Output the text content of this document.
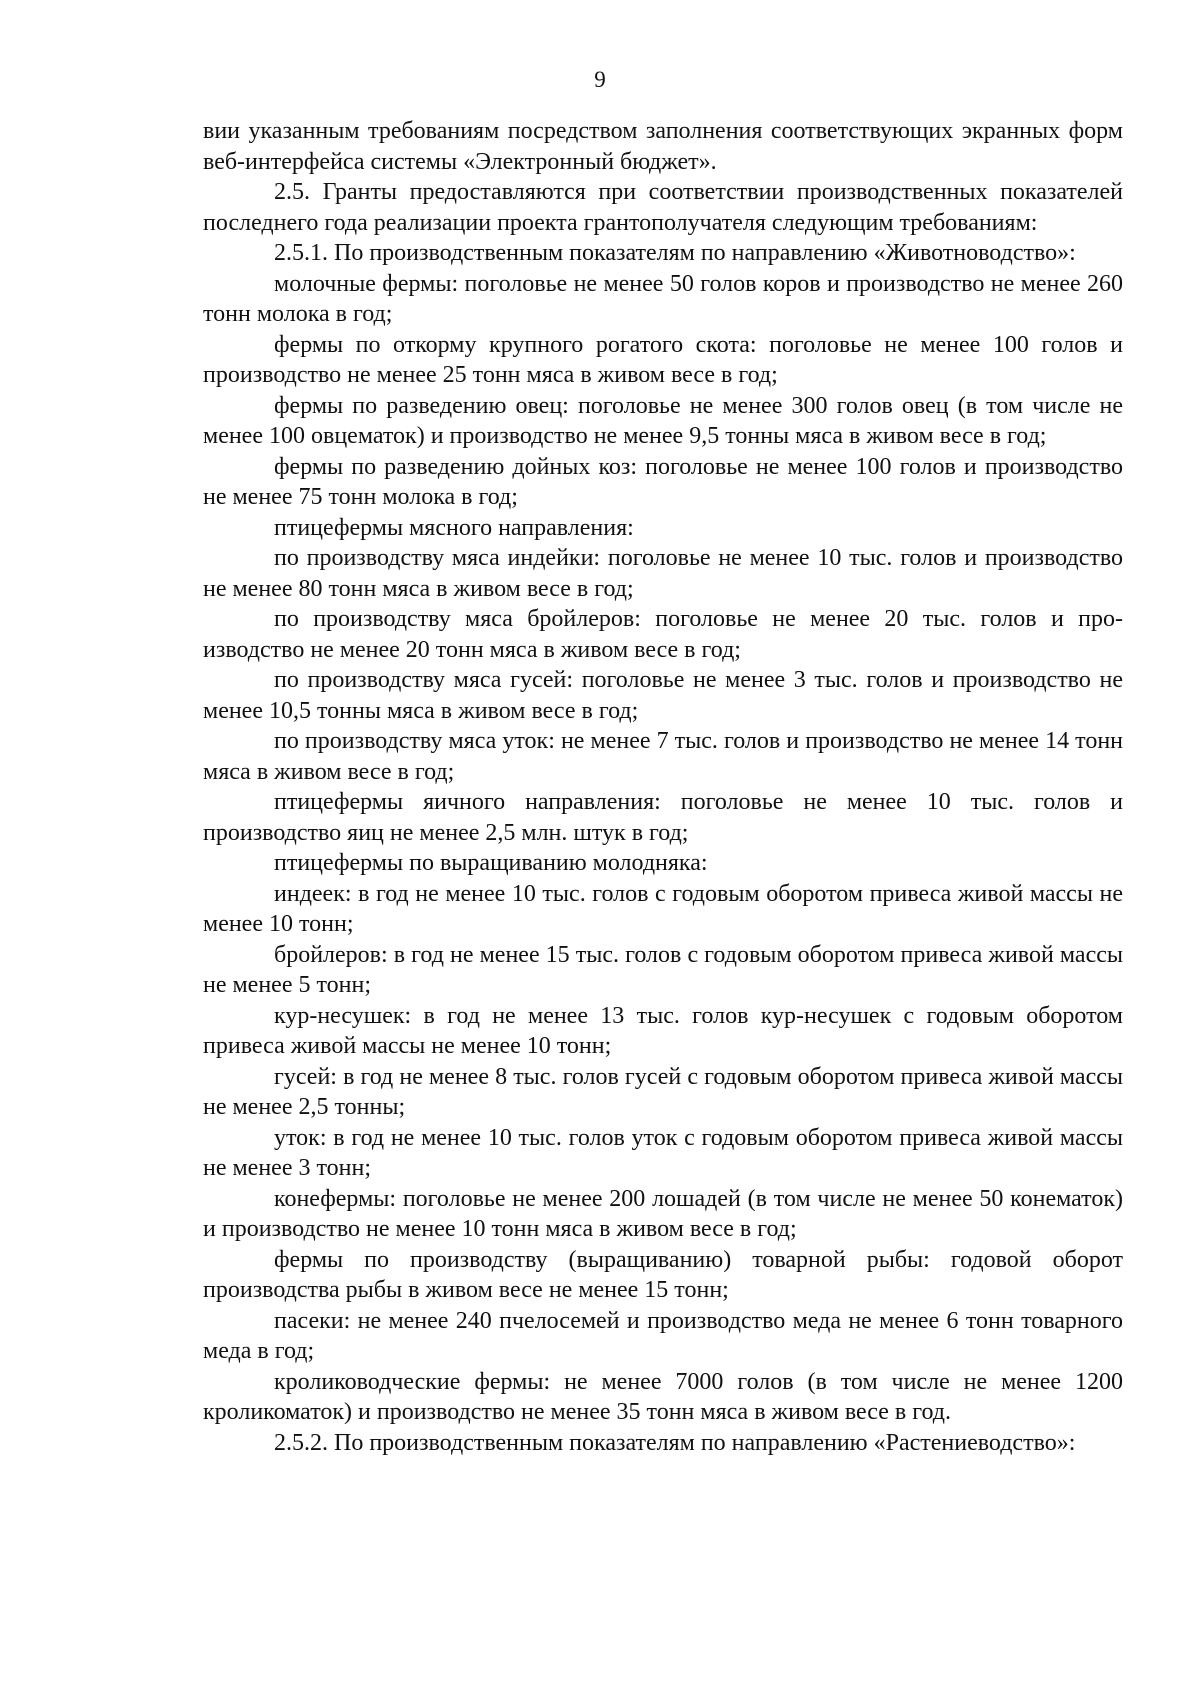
9

вии указанным требованиям посредством заполнения соответствующих экранных форм веб-интерфейса системы «Электронный бюджет».

2.5. Гранты предоставляются при соответствии производственных показателей последнего года реализации проекта грантополучателя следующим требованиям:

2.5.1. По производственным показателям по направлению «Животноводство»:

молочные фермы: поголовье не менее 50 голов коров и производство не менее 260 тонн молока в год;

фермы по откорму крупного рогатого скота: поголовье не менее 100 голов и производство не менее 25 тонн мяса в живом весе в год;

фермы по разведению овец: поголовье не менее 300 голов овец (в том числе не менее 100 овцематок) и производство не менее 9,5 тонны мяса в живом весе в год;

фермы по разведению дойных коз: поголовье не менее 100 голов и производство не менее 75 тонн молока в год;

птицефермы мясного направления:

по производству мяса индейки: поголовье не менее 10 тыс. голов и производство не менее 80 тонн мяса в живом весе в год;

по производству мяса бройлеров: поголовье не менее 20 тыс. голов и производство не менее 20 тонн мяса в живом весе в год;

по производству мяса гусей: поголовье не менее 3 тыс. голов и производство не менее 10,5 тонны мяса в живом весе в год;

по производству мяса уток: не менее 7 тыс. голов и производство не менее 14 тонн мяса в живом весе в год;

птицефермы яичного направления: поголовье не менее 10 тыс. голов и производство яиц не менее 2,5 млн. штук в год;

птицефермы по выращиванию молодняка:

индеек: в год не менее 10 тыс. голов с годовым оборотом привеса живой массы не менее 10 тонн;

бройлеров: в год не менее 15 тыс. голов с годовым оборотом привеса живой массы не менее 5 тонн;

кур-несушек: в год не менее 13 тыс. голов кур-несушек с годовым оборотом привеса живой массы не менее 10 тонн;

гусей: в год не менее 8 тыс. голов гусей с годовым оборотом привеса живой массы не менее 2,5 тонны;

уток: в год не менее 10 тыс. голов уток с годовым оборотом привеса живой массы не менее 3 тонн;

конефермы: поголовье не менее 200 лошадей (в том числе не менее 50 конематок) и производство не менее 10 тонн мяса в живом весе в год;

фермы по производству (выращиванию) товарной рыбы: годовой оборот производства рыбы в живом весе не менее 15 тонн;

пасеки: не менее 240 пчелосемей и производство меда не менее 6 тонн товарного меда в год;

кролиководческие фермы: не менее 7000 голов (в том числе не менее 1200 кроликоматок) и производство не менее 35 тонн мяса в живом весе в год.

2.5.2. По производственным показателям по направлению «Растениеводство»:
